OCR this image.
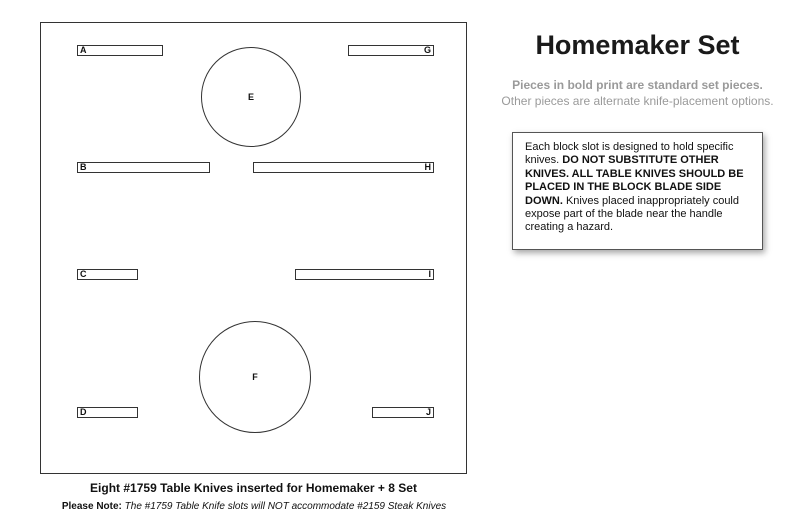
A	G
E
B	H
C	I
F
D	J
Eight #1759 Table Knives inserted for Homemaker + 8 Set
Please Note: The #1759 Table Knife slots will NOT accommodate #2159 Steak Knives
Homemaker Set
Pieces in bold print are standard set pieces.
Other pieces are alternate knife-placement options.
Each block slot is designed to hold specific knives. DO NOT SUBSTITUTE OTHER KNIVES. ALL TABLE KNIVES SHOULD BE PLACED IN THE BLOCK BLADE SIDE DOWN. Knives placed inappropriately could expose part of the blade near the handle creating a hazard.
